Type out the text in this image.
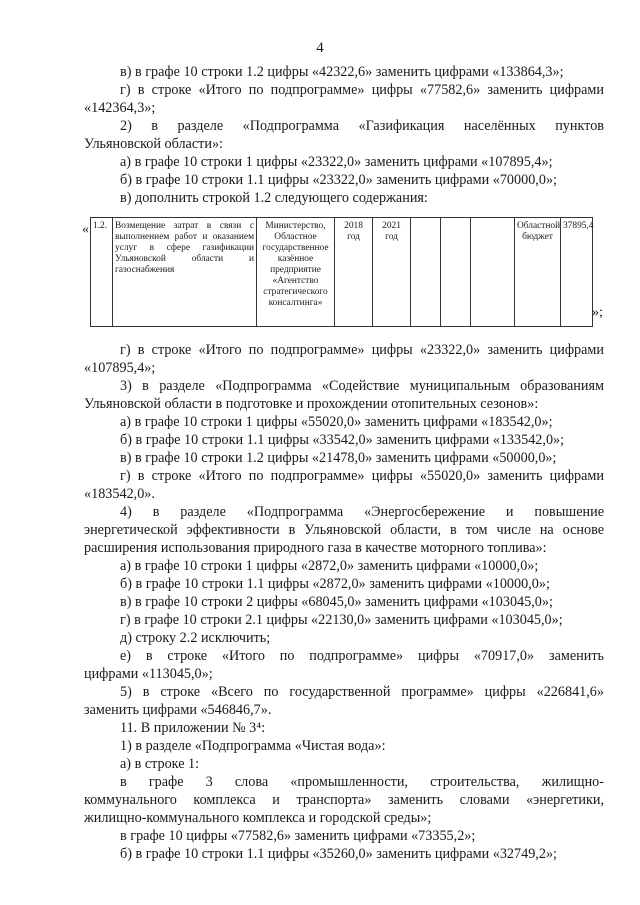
4
в) в графе 10 строки 1.2 цифры «42322,6» заменить цифрами «133864,3»;
г) в строке «Итого по подпрограмме» цифры «77582,6» заменить цифрами
«142364,3»;
2) в разделе «Подпрограмма «Газификация населённых пунктов
Ульяновской области»:
а) в графе 10 строки 1 цифры «23322,0» заменить цифрами «107895,4»;
б) в графе 10 строки 1.1 цифры «23322,0» заменить цифрами «70000,0»;
в) дополнить строкой 1.2 следующего содержания:
« 1.2.	Возмещение затрат в связи с выполнением работ и оказанием услуг в сфере газификации Ульяновской области и газоснабжения	Министерство, Областное государственное казённое предприятие «Агентство стратегического консалтинга»	2018 год	2021 год				Областной бюджет	37895,4
»;
г) в строке «Итого по подпрограмме» цифры «23322,0» заменить цифрами
«107895,4»;
3) в разделе «Подпрограмма «Содействие муниципальным образованиям
Ульяновской области в подготовке и прохождении отопительных сезонов»:
а) в графе 10 строки 1 цифры «55020,0» заменить цифрами «183542,0»;
б) в графе 10 строки 1.1 цифры «33542,0» заменить цифрами «133542,0»;
в) в графе 10 строки 1.2 цифры «21478,0» заменить цифрами «50000,0»;
г) в строке «Итого по подпрограмме» цифры «55020,0» заменить цифрами
«183542,0».
4) в разделе «Подпрограмма «Энергосбережение и повышение
энергетической эффективности в Ульяновской области, в том числе на основе
расширения использования природного газа в качестве моторного топлива»:
а) в графе 10 строки 1 цифры «2872,0» заменить цифрами «10000,0»;
б) в графе 10 строки 1.1 цифры «2872,0» заменить цифрами «10000,0»;
в) в графе 10 строки 2 цифры «68045,0» заменить цифрами «103045,0»;
г) в графе 10 строки 2.1 цифры «22130,0» заменить цифрами «103045,0»;
д) строку 2.2 исключить;
е) в строке «Итого по подпрограмме» цифры «70917,0» заменить
цифрами «113045,0»;
5) в строке «Всего по государственной программе» цифры «226841,6»
заменить цифрами «546846,7».
11. В приложении № 3⁴:
1) в разделе «Подпрограмма «Чистая вода»:
а) в строке 1:
в графе 3 слова «промышленности, строительства, жилищно-
коммунального комплекса и транспорта» заменить словами «энергетики,
жилищно-коммунального комплекса и городской среды»;
в графе 10 цифры «77582,6» заменить цифрами «73355,2»;
б) в графе 10 строки 1.1 цифры «35260,0» заменить цифрами «32749,2»;
